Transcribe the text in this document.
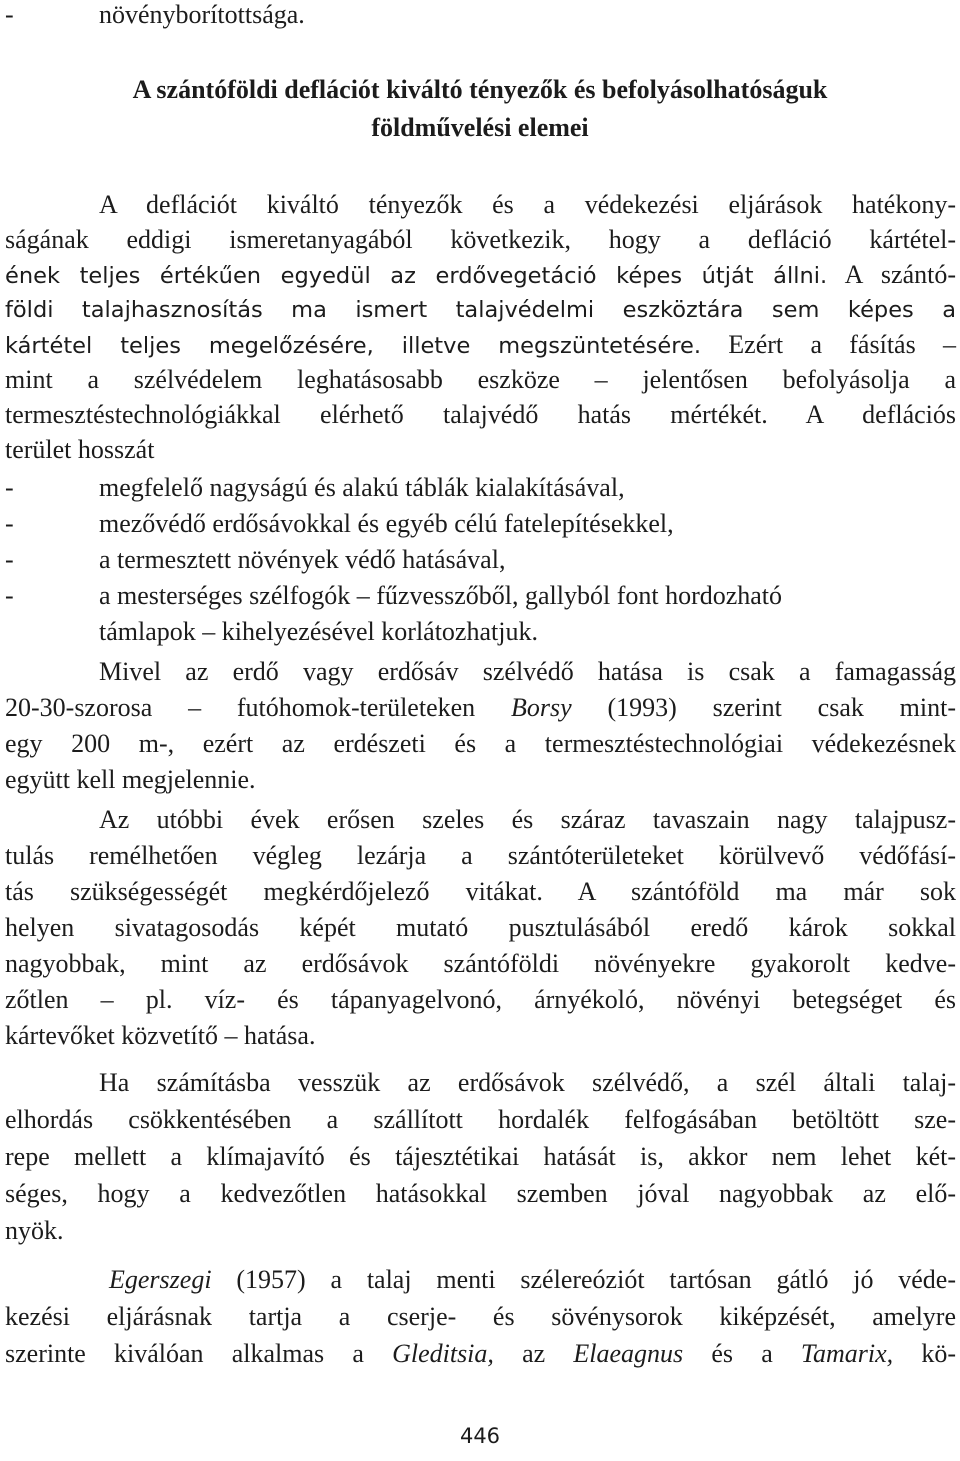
-	növényborítottsága.
A szántóföldi deflációt kiváltó tényezők és befolyásolhatóságuk
földművelési elemei
A deflációt kiváltó tényezők és a védekezési eljárások hatékony-
ságának eddigi ismeretanyagából következik, hogy a defláció kártétel-
ének teljes értékűen egyedül az erdővegetáció képes útját állni. A szántó-
földi talajhasznosítás ma ismert talajvédelmi eszköztára sem képes a
kártétel teljes megelőzésére, illetve megszüntetésére. Ezért a fásítás –
mint a szélvédelem leghatásosabb eszköze – jelentősen befolyásolja a
termesztéstechnológiákkal elérhető talajvédő hatás mértékét. A deflációs
terület hosszát
-	megfelelő nagyságú és alakú táblák kialakításával,
-	mezővédő erdősávokkal és egyéb célú fatelepítésekkel,
-	a termesztett növények védő hatásával,
-	a mesterséges szélfogók – fűzvesszőből, gallyból font hordozható
támlapok – kihelyezésével korlátozhatjuk.
Mivel az erdő vagy erdősáv szélvédő hatása is csak a famagasság
20-30-szorosa – futóhomok-területeken Borsy (1993) szerint csak mint-
egy 200 m-, ezért az erdészeti és a termesztéstechnológiai védekezésnek
együtt kell megjelennie.
Az utóbbi évek erősen szeles és száraz tavaszain nagy talajpusz-
tulás remélhetően végleg lezárja a szántóterületeket körülvevő védőfásí-
tás szükségességét megkérdőjelező vitákat. A szántóföld ma már sok
helyen sivatagosodás képét mutató pusztulásából eredő károk sokkal
nagyobbak, mint az erdősávok szántóföldi növényekre gyakorolt kedve-
zőtlen – pl. víz- és tápanyagelvonó, árnyékoló, növényi betegséget és
kártevőket közvetítő – hatása.
Ha számításba vesszük az erdősávok szélvédő, a szél általi talaj-
elhordás csökkentésében a szállított hordalék felfogásában betöltött sze-
repe mellett a klímajavító és tájesztétikai hatását is, akkor nem lehet két-
séges, hogy a kedvezőtlen hatásokkal szemben jóval nagyobbak az elő-
nyök.
Egerszegi (1957) a talaj menti szélereóziót tartósan gátló jó véde-
kezési eljárásnak tartja a cserje- és sövénysorok kiképzését, amelyre
szerinte kiválóan alkalmas a Gleditsia, az Elaeagnus és a Tamarix, kö-
446
